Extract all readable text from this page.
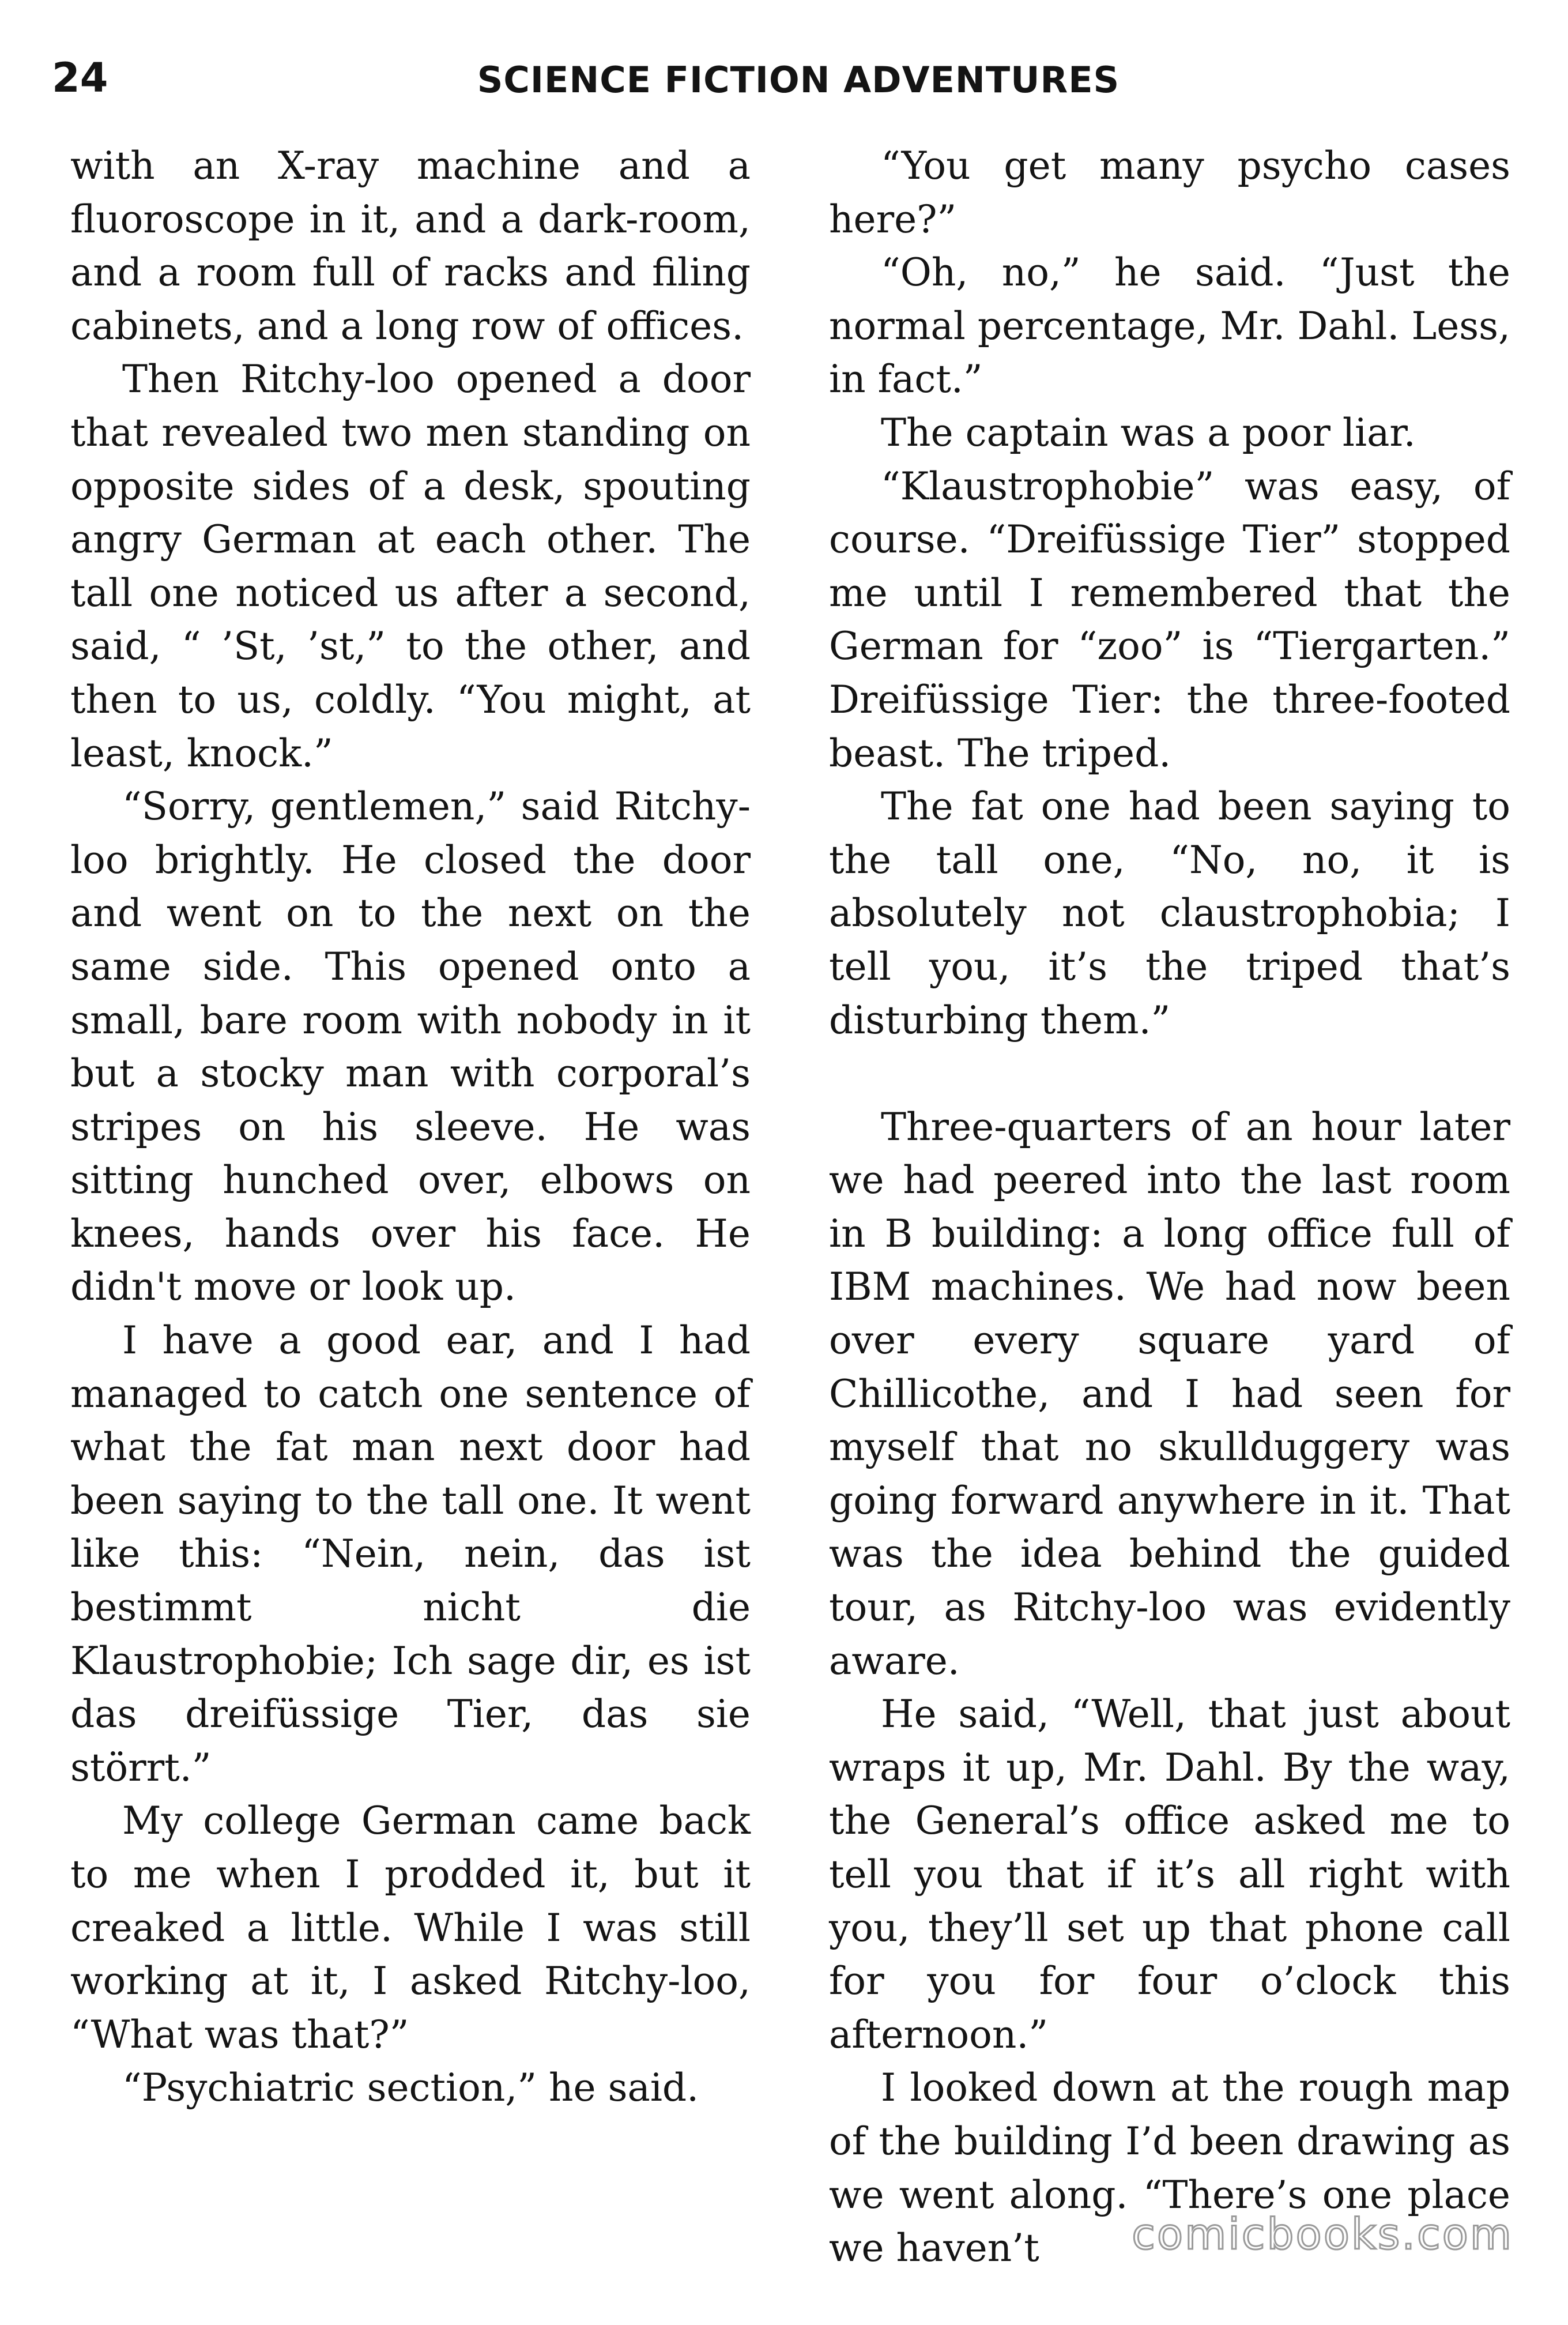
24	SCIENCE FICTION ADVENTURES

with an X-ray machine and a fluoroscope in it, and a dark-room, and a room full of racks and filing cabinets, and a long row of offices.

Then Ritchy-loo opened a door that revealed two men standing on opposite sides of a desk, spouting angry German at each other. The tall one noticed us after a second, said, “ ’St, ’st,” to the other, and then to us, coldly. “You might, at least, knock.”

“Sorry, gentlemen,” said Ritchy-loo brightly. He closed the door and went on to the next on the same side. This opened onto a small, bare room with nobody in it but a stocky man with corporal’s stripes on his sleeve. He was sitting hunched over, elbows on knees, hands over his face. He didn't move or look up.

I have a good ear, and I had managed to catch one sentence of what the fat man next door had been saying to the tall one. It went like this: “Nein, nein, das ist bestimmt nicht die Klaustrophobie; Ich sage dir, es ist das dreifüssige Tier, das sie störrt.”

My college German came back to me when I prodded it, but it creaked a little. While I was still working at it, I asked Ritchy-loo, “What was that?”

“Psychiatric section,” he said.

“You get many psycho cases here?”

“Oh, no,” he said. “Just the normal percentage, Mr. Dahl. Less, in fact.”

The captain was a poor liar.

“Klaustrophobie” was easy, of course. “Dreifüssige Tier” stopped me until I remembered that the German for “zoo” is “Tiergarten.” Dreifüssige Tier: the three-footed beast. The triped.

The fat one had been saying to the tall one, “No, no, it is absolutely not claustrophobia; I tell you, it’s the triped that’s disturbing them.”

Three-quarters of an hour later we had peered into the last room in B building: a long office full of IBM machines. We had now been over every square yard of Chillicothe, and I had seen for myself that no skullduggery was going forward anywhere in it. That was the idea behind the guided tour, as Ritchy-loo was evidently aware.

He said, “Well, that just about wraps it up, Mr. Dahl. By the way, the General’s office asked me to tell you that if it’s all right with you, they’ll set up that phone call for you for four o’clock this afternoon.”

I looked down at the rough map of the building I’d been drawing as we went along. “There’s one place we haven’t	comicbooks.com
